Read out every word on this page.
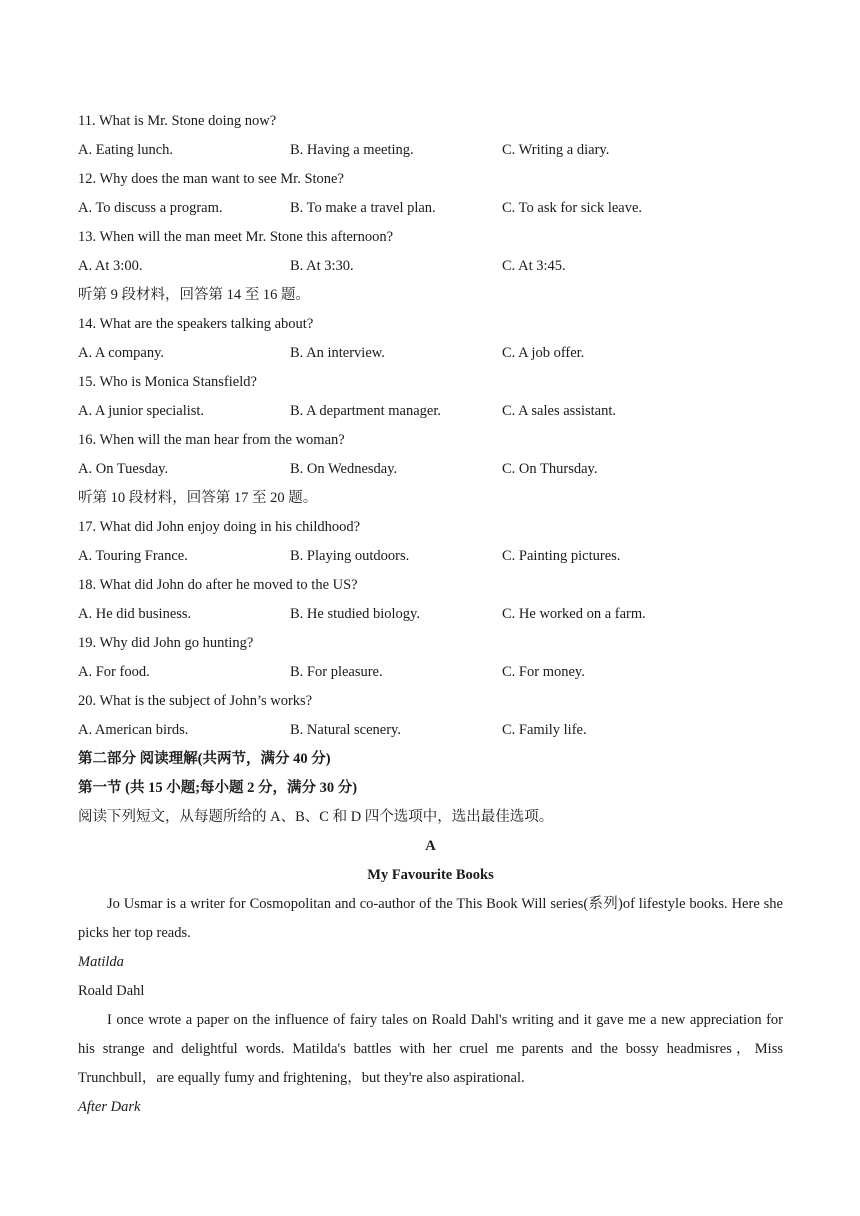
11. What is Mr. Stone doing now?
A. Eating lunch.	B. Having a meeting.	C. Writing a diary.
12. Why does the man want to see Mr. Stone?
A. To discuss a program.	B. To make a travel plan.	C. To ask for sick leave.
13. When will the man meet Mr. Stone this afternoon?
A. At 3:00.	B. At 3:30.	C. At 3:45.
听第 9 段材料，回答第 14 至 16 题。
14. What are the speakers talking about?
A. A company.	B. An interview.	C. A job offer.
15. Who is Monica Stansfield?
A. A junior specialist.	B. A department manager.	C. A sales assistant.
16. When will the man hear from the woman?
A. On Tuesday.	B. On Wednesday.	C. On Thursday.
听第 10 段材料，回答第 17 至 20 题。
17. What did John enjoy doing in his childhood?
A. Touring France.	B. Playing outdoors.	C. Painting pictures.
18. What did John do after he moved to the US?
A. He did business.	B. He studied biology.	C. He worked on a farm.
19. Why did John go hunting?
A. For food.	B. For pleasure.	C. For money.
20. What is the subject of John’s works?
A. American birds.	B. Natural scenery.	C. Family life.
第二部分 阅读理解(共两节，满分 40 分)
第一节 (共 15 小题;每小题 2 分，满分 30 分)
阅读下列短文，从每题所给的 A、B、C 和 D 四个选项中，选出最佳选项。
A
My Favourite Books

Jo Usmar is a writer for Cosmopolitan and co-author of the This Book Will series(系列)of lifestyle books. Here she picks her top reads.

Matilda
Roald Dahl

I once wrote a paper on the influence of fairy tales on Roald Dahl's writing and it gave me a new appreciation for his strange and delightful words. Matilda's battles with her cruel me parents and the bossy headmisres，Miss Trunchbull，are equally fumy and frightening，but they're also aspirational.

After Dark
